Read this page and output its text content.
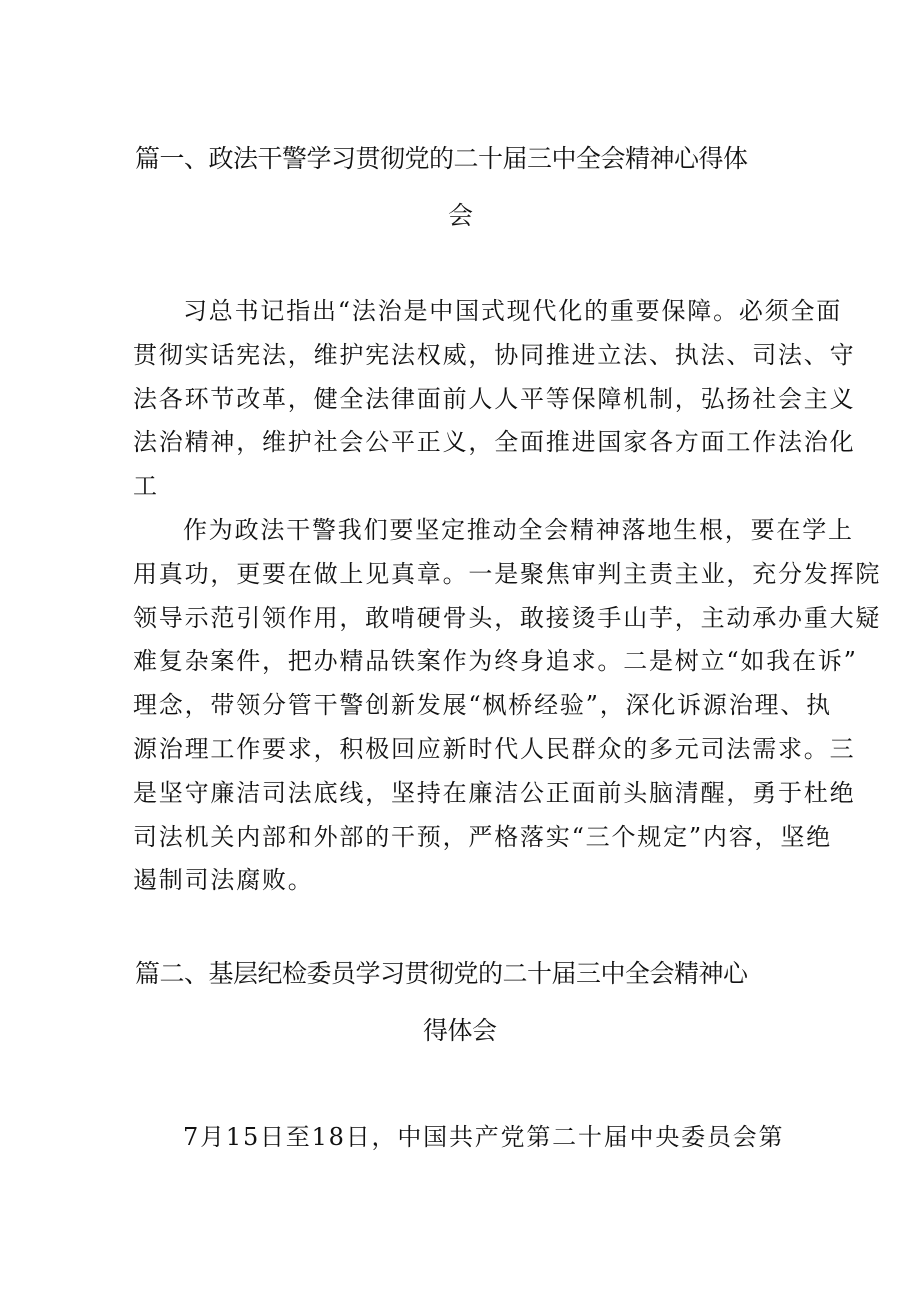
篇一、政法干警学习贯彻党的二十届三中全会精神心得体
会
习总书记指出“法治是中国式现代化的重要保障。必须全面
贯彻实话宪法，维护宪法权威，协同推进立法、执法、司法、守
法各环节改革，健全法律面前人人平等保障机制，弘扬社会主义
法治精神，维护社会公平正义，全面推进国家各方面工作法治化
工
作为政法干警我们要坚定推动全会精神落地生根，要在学上
用真功，更要在做上见真章。一是聚焦审判主责主业，充分发挥院
领导示范引领作用，敢啃硬骨头，敢接烫手山芋，主动承办重大疑
难复杂案件，把办精品铁案作为终身追求。二是树立“如我在诉”
理念，带领分管干警创新发展“枫桥经验”，深化诉源治理、执
源治理工作要求，积极回应新时代人民群众的多元司法需求。三
是坚守廉洁司法底线，坚持在廉洁公正面前头脑清醒，勇于杜绝
司法机关内部和外部的干预，严格落实“三个规定”内容，坚绝
遏制司法腐败。
篇二、基层纪检委员学习贯彻党的二十届三中全会精神心
得体会
7月15日至18日，中国共产党第二十届中央委员会第
